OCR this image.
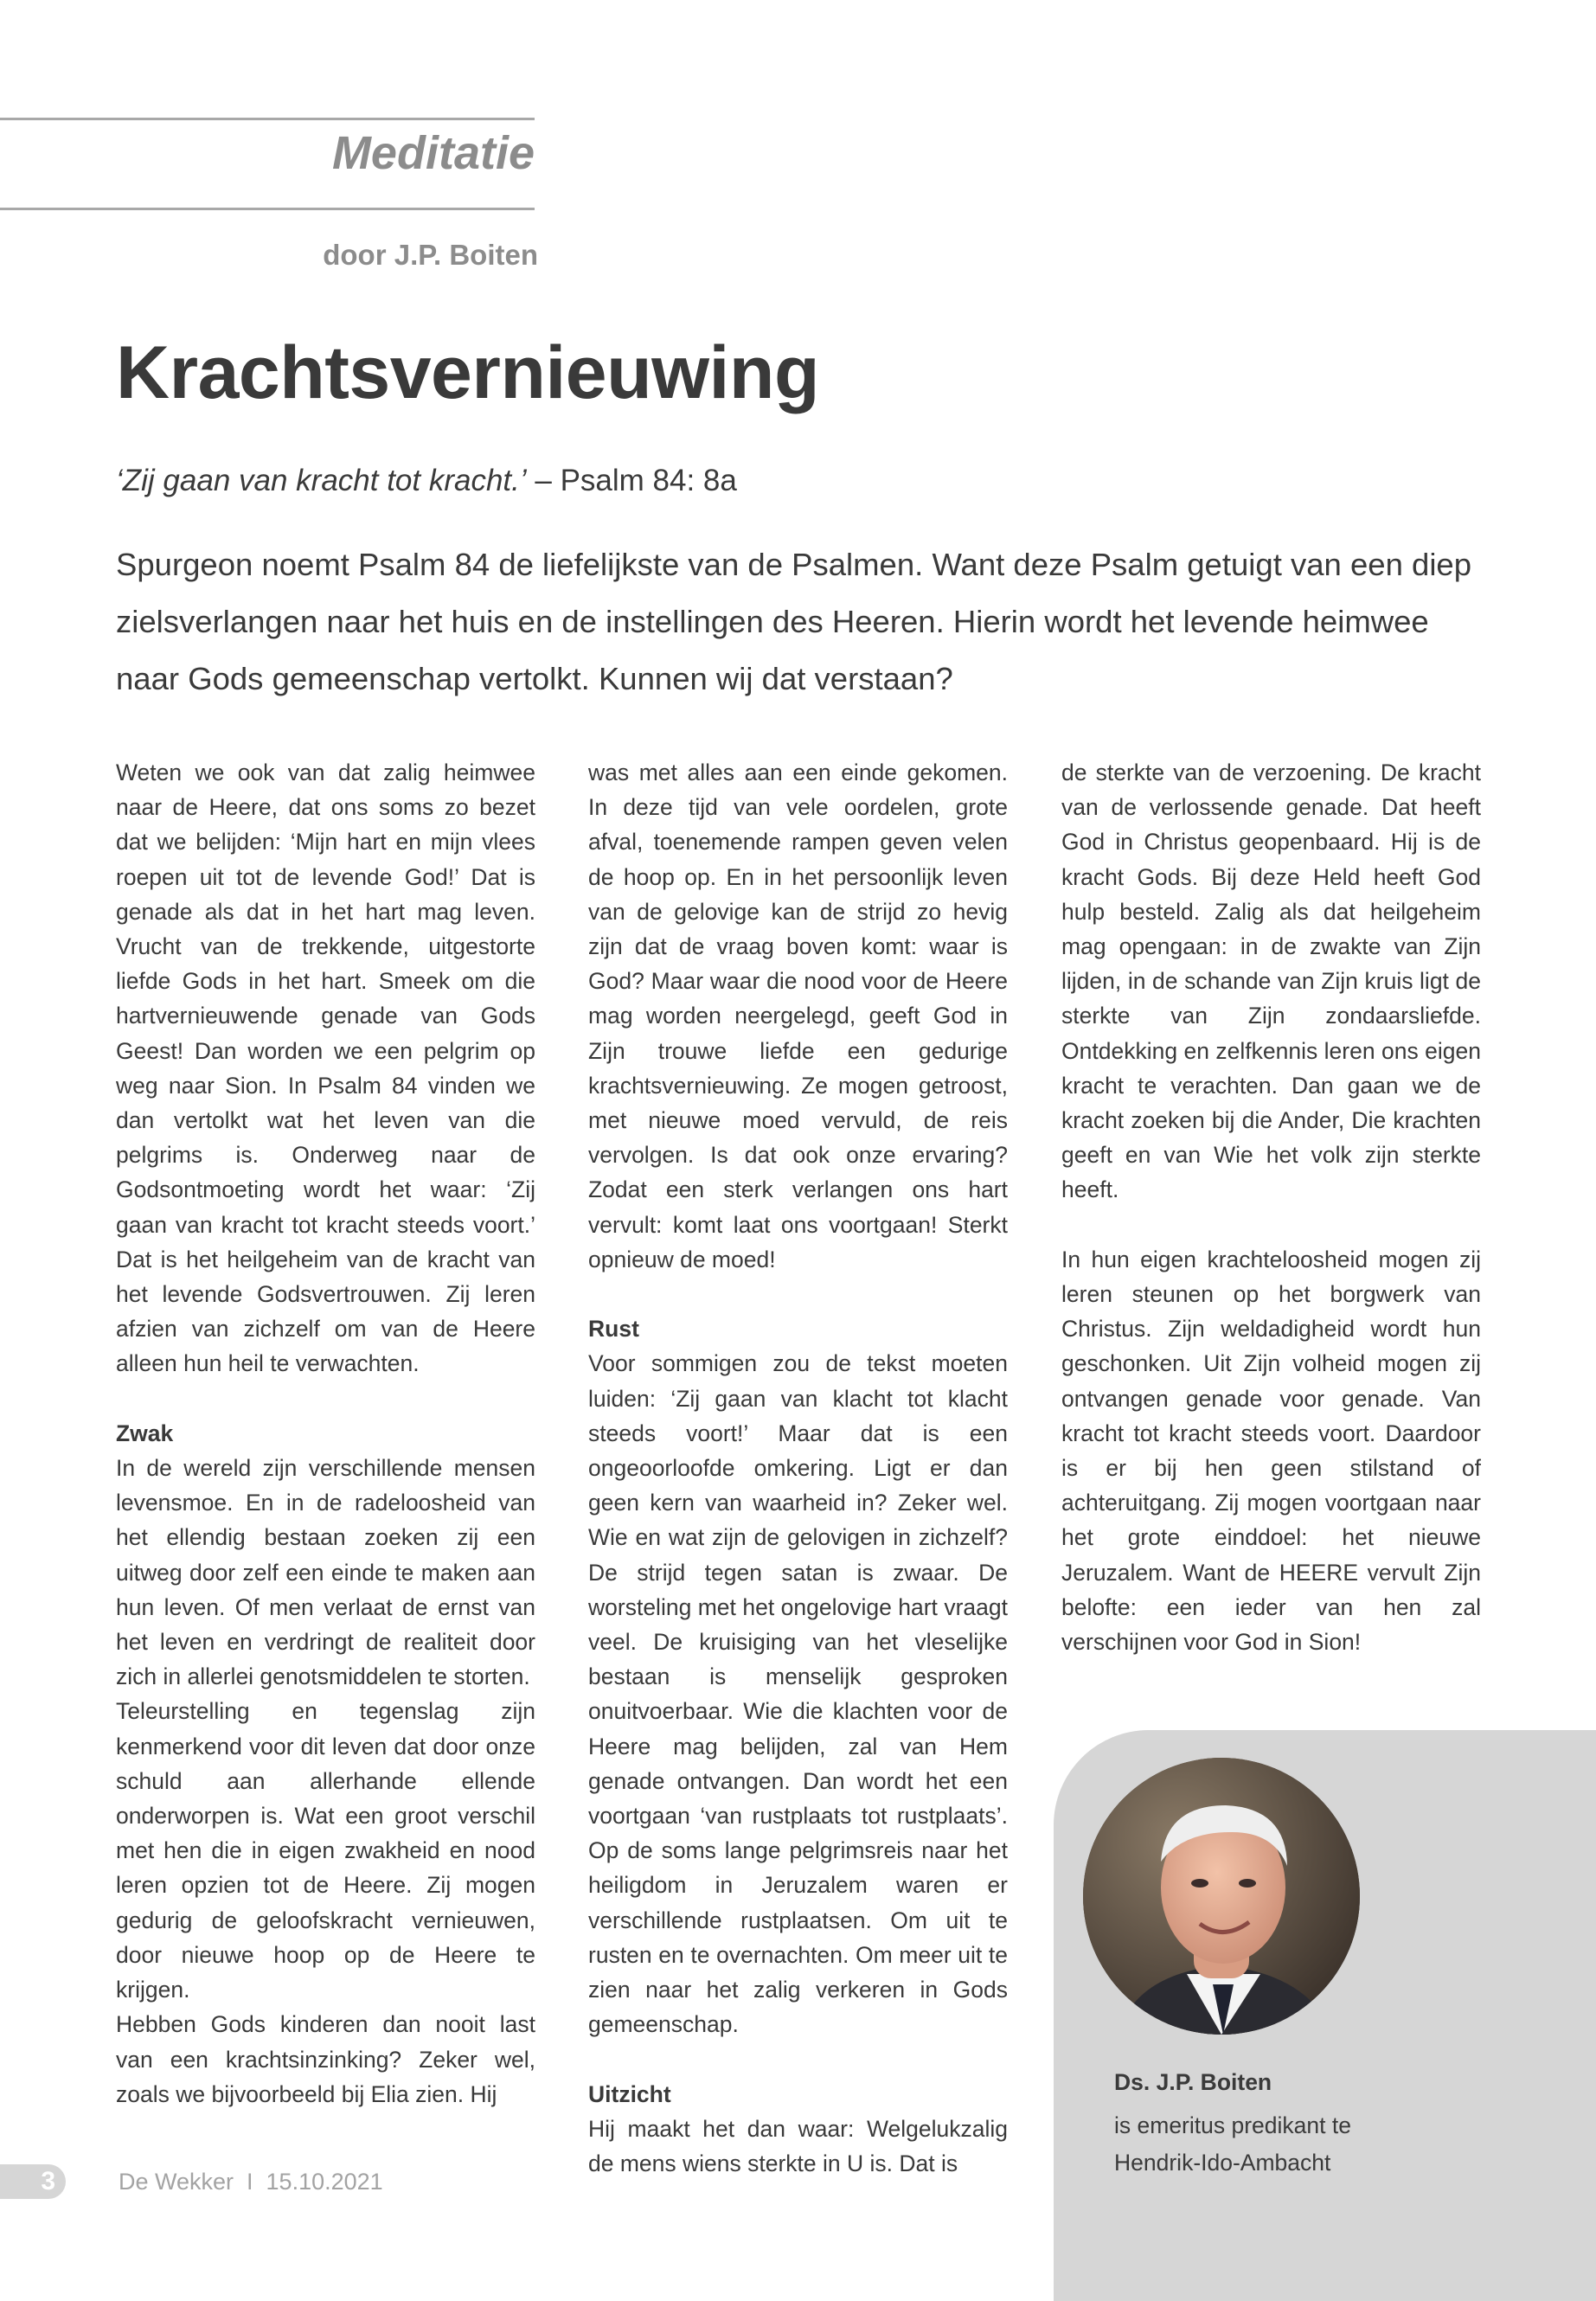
Meditatie
door J.P. Boiten
Krachtsvernieuwing
‘Zij gaan van kracht tot kracht.’ – Psalm 84: 8a
Spurgeon noemt Psalm 84 de liefelijkste van de Psalmen. Want deze Psalm getuigt van een diep
zielsverlangen naar het huis en de instellingen des Heeren. Hierin wordt het levende heimwee
naar Gods gemeenschap vertolkt. Kunnen wij dat verstaan?

Weten we ook van dat zalig heimwee naar de Heere, dat ons soms zo bezet dat we belijden: ‘Mijn hart en mijn vlees roepen uit tot de levende God!’ Dat is genade als dat in het hart mag leven. Vrucht van de trekkende, uitgestorte liefde Gods in het hart. Smeek om die hartvernieuwende genade van Gods Geest! Dan worden we een pelgrim op weg naar Sion. In Psalm 84 vinden we dan vertolkt wat het leven van die pelgrims is. Onderweg naar de Godsontmoeting wordt het waar: ‘Zij gaan van kracht tot kracht steeds voort.’ Dat is het heilgeheim van de kracht van het levende Godsvertrouwen. Zij leren afzien van zichzelf om van de Heere alleen hun heil te verwachten.

Zwak

In de wereld zijn verschillende mensen levensmoe. En in de radeloosheid van het ellendig bestaan zoeken zij een uitweg door zelf een einde te maken aan hun leven. Of men verlaat de ernst van het leven en verdringt de realiteit door zich in allerlei genotsmiddelen te storten.

Teleurstelling en tegenslag zijn kenmerkend voor dit leven dat door onze schuld aan allerhande ellende onderworpen is. Wat een groot verschil met hen die in eigen zwakheid en nood leren opzien tot de Heere. Zij mogen gedurig de geloofskracht vernieuwen, door nieuwe hoop op de Heere te krijgen.

Hebben Gods kinderen dan nooit last van een krachtsinzinking? Zeker wel, zoals we bijvoorbeeld bij Elia zien. Hij

was met alles aan een einde gekomen. In deze tijd van vele oordelen, grote afval, toenemende rampen geven velen de hoop op. En in het persoonlijk leven van de gelovige kan de strijd zo hevig zijn dat de vraag boven komt: waar is God? Maar waar die nood voor de Heere mag worden neergelegd, geeft God in Zijn trouwe liefde een gedurige krachtsvernieuwing. Ze mogen getroost, met nieuwe moed vervuld, de reis vervolgen. Is dat ook onze ervaring? Zodat een sterk verlangen ons hart vervult: komt laat ons voortgaan! Sterkt opnieuw de moed!

Rust

Voor sommigen zou de tekst moeten luiden: ‘Zij gaan van klacht tot klacht steeds voort!’ Maar dat is een ongeoorloofde omkering. Ligt er dan geen kern van waarheid in? Zeker wel. Wie en wat zijn de gelovigen in zichzelf? De strijd tegen satan is zwaar. De worsteling met het ongelovige hart vraagt veel. De kruisiging van het vleselijke bestaan is menselijk gesproken onuitvoerbaar. Wie die klachten voor de Heere mag belijden, zal van Hem genade ontvangen. Dan wordt het een voortgaan ‘van rustplaats tot rustplaats’. Op de soms lange pelgrimsreis naar het heiligdom in Jeruzalem waren er verschillende rustplaatsen. Om uit te rusten en te overnachten. Om meer uit te zien naar het zalig verkeren in Gods gemeenschap.

Uitzicht

Hij maakt het dan waar: Welgelukzalig de mens wiens sterkte in U is. Dat is

de sterkte van de verzoening. De kracht van de verlossende genade. Dat heeft God in Christus geopenbaard. Hij is de kracht Gods. Bij deze Held heeft God hulp besteld. Zalig als dat heilgeheim mag opengaan: in de zwakte van Zijn lijden, in de schande van Zijn kruis ligt de sterkte van Zijn zondaarsliefde. Ontdekking en zelfkennis leren ons eigen kracht te verachten. Dan gaan we de kracht zoeken bij die Ander, Die krachten geeft en van Wie het volk zijn sterkte heeft.

In hun eigen krachteloosheid mogen zij leren steunen op het borgwerk van Christus. Zijn weldadigheid wordt hun geschonken. Uit Zijn volheid mogen zij ontvangen genade voor genade. Van kracht tot kracht steeds voort. Daardoor is er bij hen geen stilstand of achteruitgang. Zij mogen voortgaan naar het grote einddoel: het nieuwe Jeruzalem. Want de HEERE vervult Zijn belofte: een ieder van hen zal verschijnen voor God in Sion!

Ds. J.P. Boiten
is emeritus predikant te
Hendrik-Ido-Ambacht
3	De Wekker  I  15.10.2021
